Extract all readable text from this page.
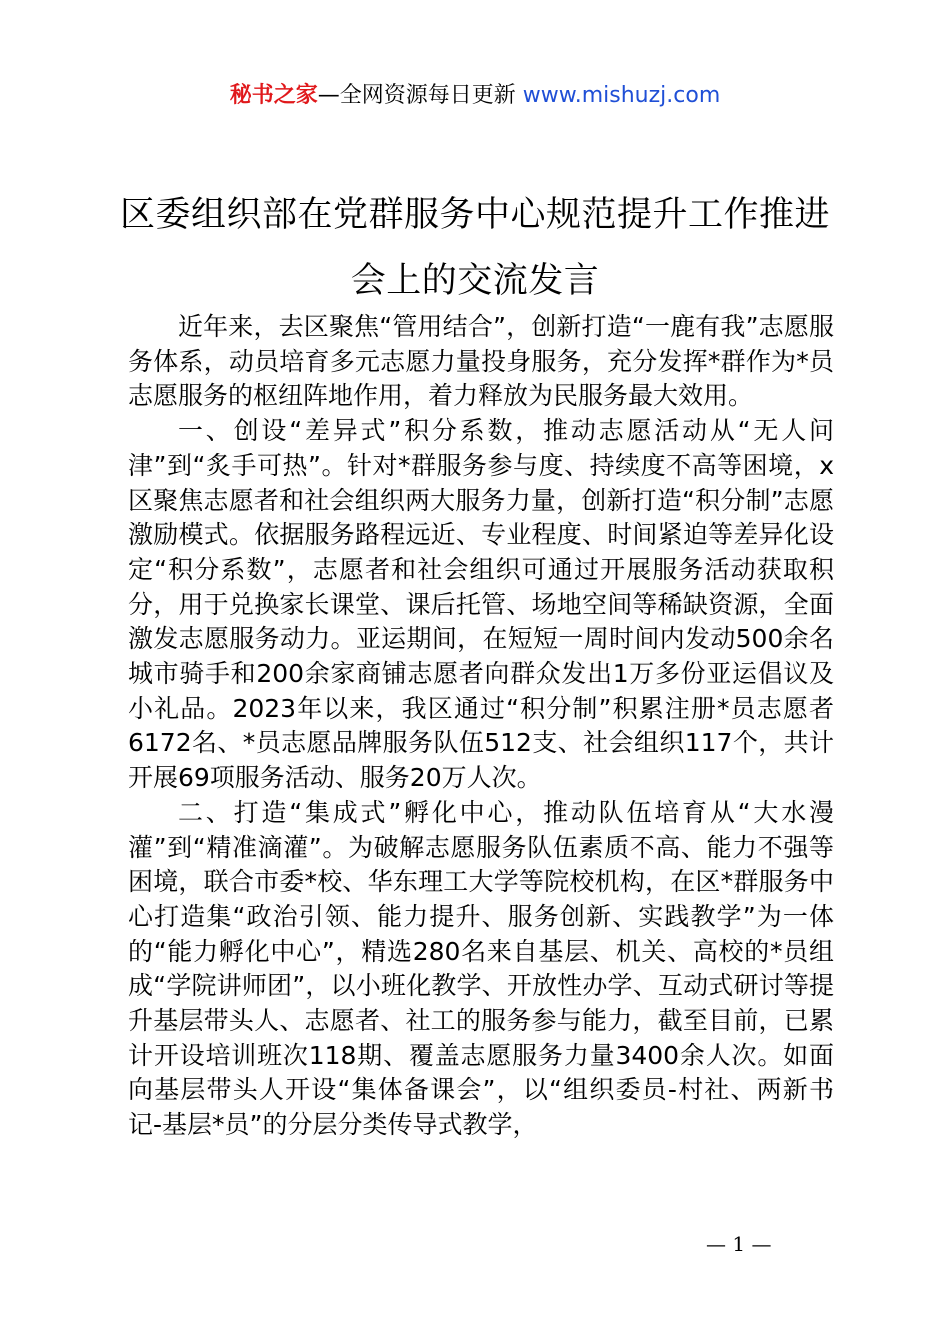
秘书之家—全网资源每日更新 www.mishuzj.com
区委组织部在党群服务中心规范提升工作推进会上的交流发言

近年来，去区聚焦“管用结合”，创新打造“一鹿有我”志愿服务体系，动员培育多元志愿力量投身服务，充分发挥*群作为*员志愿服务的枢纽阵地作用，着力释放为民服务最大效用。

一、创设“差异式”积分系数，推动志愿活动从“无人问津”到“炙手可热”。针对*群服务参与度、持续度不高等困境，x区聚焦志愿者和社会组织两大服务力量，创新打造“积分制”志愿激励模式。依据服务路程远近、专业程度、时间紧迫等差异化设定“积分系数”，志愿者和社会组织可通过开展服务活动获取积分，用于兑换家长课堂、课后托管、场地空间等稀缺资源，全面激发志愿服务动力。亚运期间，在短短一周时间内发动500余名城市骑手和200余家商铺志愿者向群众发出1万多份亚运倡议及小礼品。2023年以来，我区通过“积分制”积累注册*员志愿者6172名、*员志愿品牌服务队伍512支、社会组织117个，共计开展69项服务活动、服务20万人次。

二、打造“集成式”孵化中心，推动队伍培育从“大水漫灌”到“精准滴灌”。为破解志愿服务队伍素质不高、能力不强等困境，联合市委*校、华东理工大学等院校机构，在区*群服务中心打造集“政治引领、能力提升、服务创新、实践教学”为一体的“能力孵化中心”，精选280名来自基层、机关、高校的*员组成“学院讲师团”，以小班化教学、开放性办学、互动式研讨等提升基层带头人、志愿者、社工的服务参与能力，截至目前，已累计开设培训班次118期、覆盖志愿服务力量3400余人次。如面向基层带头人开设“集体备课会”，以“组织委员-村社、两新书记-基层*员”的分层分类传导式教学，

— 1 —
